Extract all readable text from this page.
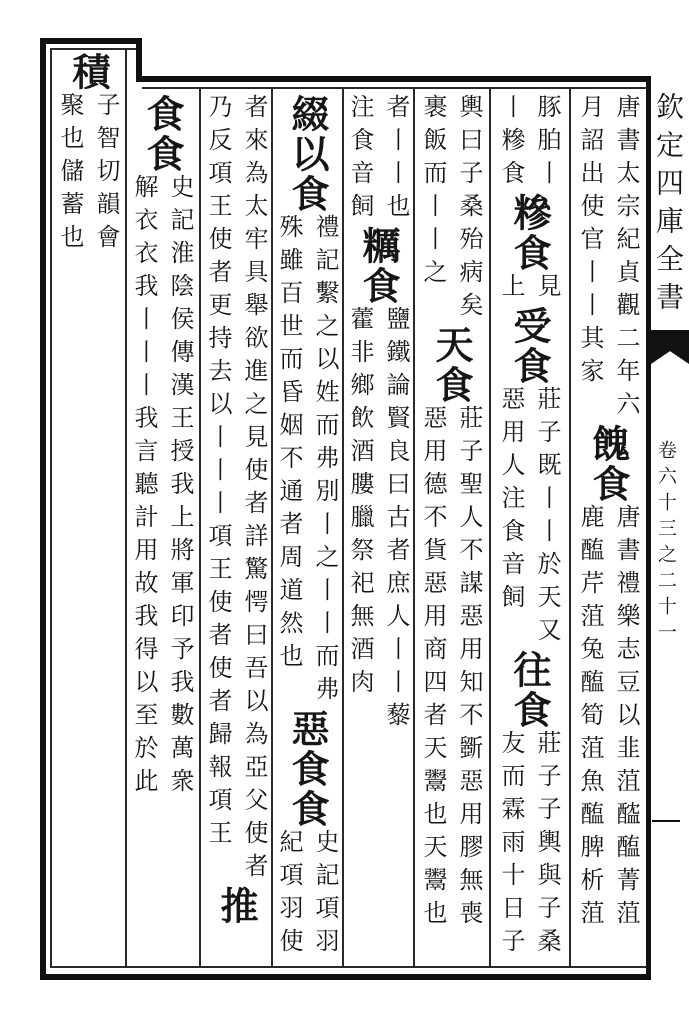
欽定四庫全書
卷六十三之二十一
唐書太宗紀貞觀二年六
月詔出使官丨丨其家
餽食
唐書禮樂志豆以韭菹醓醢菁菹
鹿醢芹菹兔醢筍菹魚醢脾析菹
豚胉丨
丨糝食
糝食
見
上
受食
莊子既丨丨於天又
惡用人注食音飼
往食
莊子子輿與子桑
友而霖雨十日子
輿曰子桑殆病矣
裹飯而丨丨之
天食
莊子聖人不謀惡用知不斵惡用膠無喪
惡用德不貨惡用商四者天鬻也天鬻也
者丨丨也
注食音飼
糲食
鹽鐵論賢良曰古者庶人丨丨藜
藿非鄉飲酒膢臘祭祀無酒肉
綴以食
禮記繫之以姓而弗別丨之丨丨而弗
殊雖百世而昏姻不通者周道然也
惡食食
史記項羽
紀項羽使
者來為太牢具舉欲進之見使者詳驚愕曰吾以為亞父使者
乃反項王使者更持去以丨丨丨項王使者使者歸報項王
推
食食
史記淮陰侯傳漢王授我上將軍印予我數萬衆
解衣衣我丨丨丨我言聽計用故我得以至於此
積
子智切韻會
聚也儲蓄也
